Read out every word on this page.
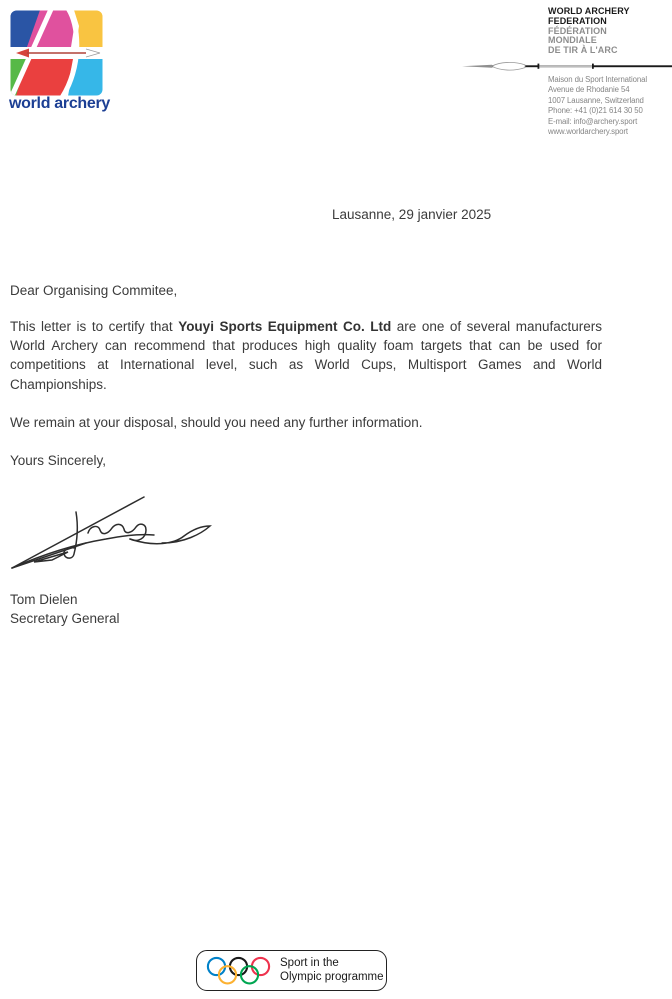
world archery
WORLD ARCHERY
FEDERATION
FÉDÉRATION
MONDIALE
DE TIR À L'ARC
Maison du Sport International
Avenue de Rhodanie 54
1007 Lausanne, Switzerland
Phone: +41 (0)21 614 30 50
E-mail: info@archery.sport
www.worldarchery.sport
Lausanne, 29 janvier 2025
Dear Organising Commitee,
This letter is to certify that Youyi Sports Equipment Co. Ltd are one of several manufacturers
World Archery can recommend that produces high quality foam targets that can be used for
competitions at International level, such as World Cups, Multisport Games and World
Championships.
We remain at your disposal, should you need any further information.
Yours Sincerely,
Tom Dielen
Secretary General
Sport in the
Olympic programme
